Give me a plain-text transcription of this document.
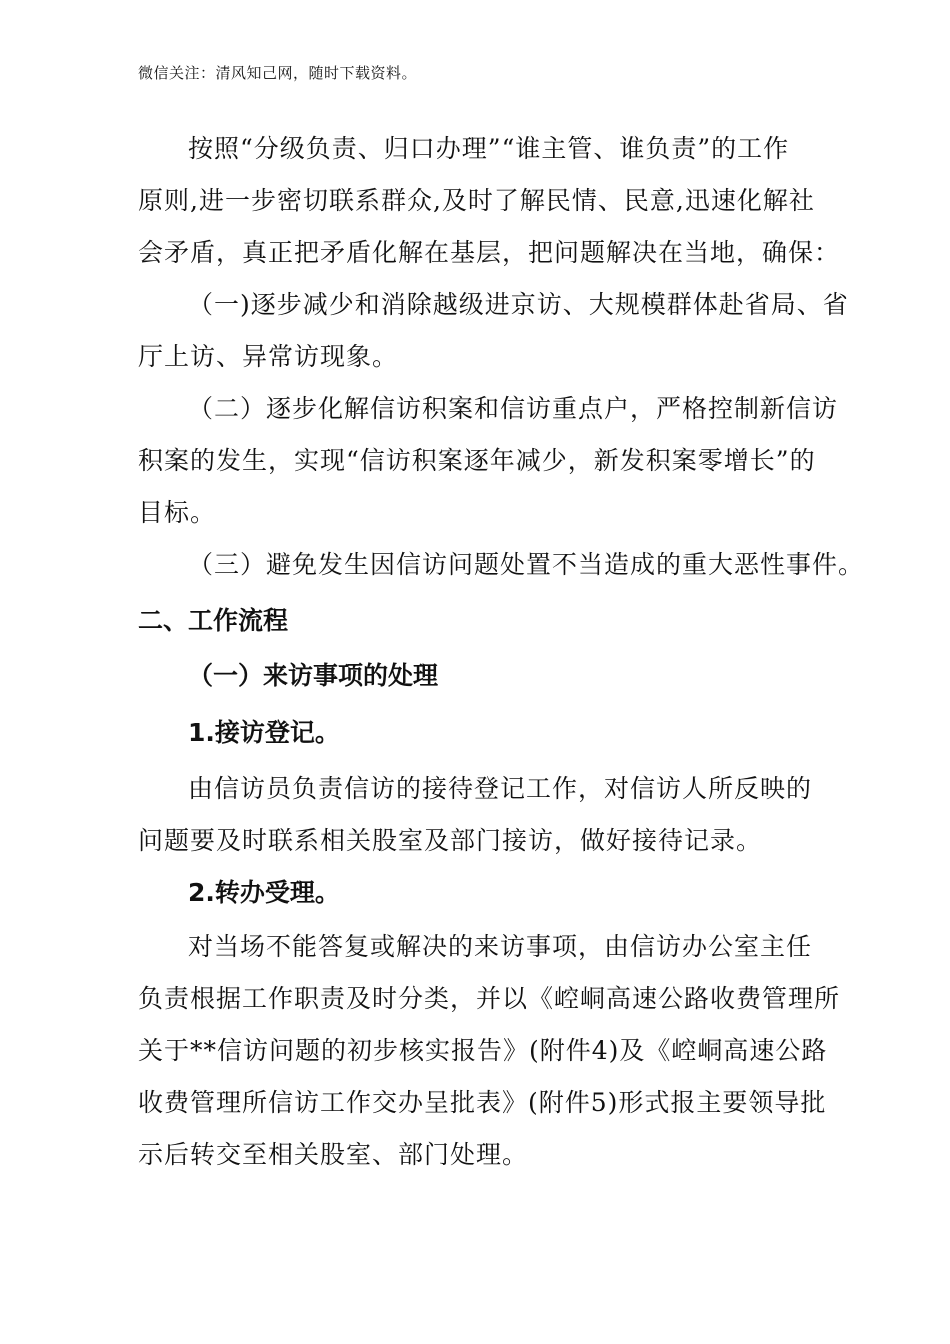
微信关注：清风知己网，随时下载资料。
按照“分级负责、归口办理”“谁主管、谁负责”的工作
原则,进一步密切联系群众,及时了解民情、民意,迅速化解社
会矛盾，真正把矛盾化解在基层，把问题解决在当地，确保：
（一)逐步减少和消除越级进京访、大规模群体赴省局、省
厅上访、异常访现象。
（二）逐步化解信访积案和信访重点户，严格控制新信访
积案的发生，实现“信访积案逐年减少，新发积案零增长”的
目标。
（三）避免发生因信访问题处置不当造成的重大恶性事件。
二、工作流程
（一）来访事项的处理
1.接访登记。
由信访员负责信访的接待登记工作，对信访人所反映的
问题要及时联系相关股室及部门接访，做好接待记录。
2.转办受理。
对当场不能答复或解决的来访事项，由信访办公室主任
负责根据工作职责及时分类，并以《崆峒高速公路收费管理所
关于**信访问题的初步核实报告》(附件4)及《崆峒高速公路
收费管理所信访工作交办呈批表》(附件5)形式报主要领导批
示后转交至相关股室、部门处理。
